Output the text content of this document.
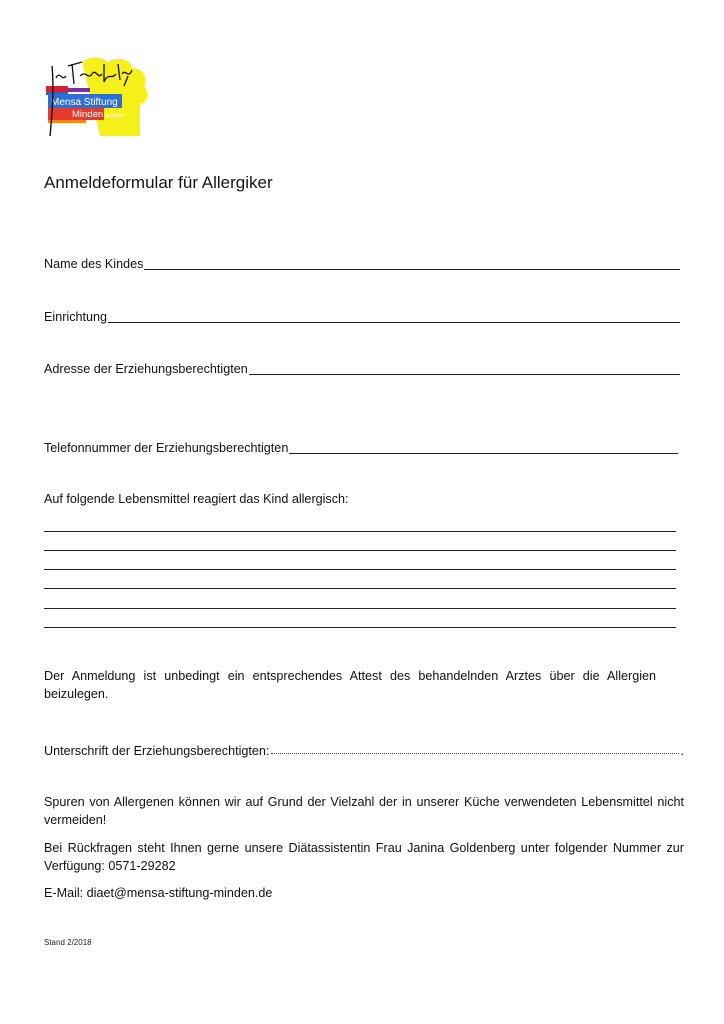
Mensa Stiftung
Minden gGmbH
Anmeldeformular für Allergiker
Name des Kindes
Einrichtung
Adresse der Erziehungsberechtigten
Telefonnummer der Erziehungsberechtigten
Auf folgende Lebensmittel reagiert das Kind allergisch:
Der Anmeldung ist unbedingt ein entsprechendes Attest des behandelnden Arztes über die Allergien beizulegen.
Unterschrift der Erziehungsberechtigten:	.
Spuren von Allergenen können wir auf Grund der Vielzahl der in unserer Küche verwendeten Lebensmittel nicht vermeiden!
Bei Rückfragen steht Ihnen gerne unsere Diätassistentin Frau Janina Goldenberg unter folgender Nummer zur Verfügung: 0571-29282
E-Mail: diaet@mensa-stiftung-minden.de
Stand 2/2018
